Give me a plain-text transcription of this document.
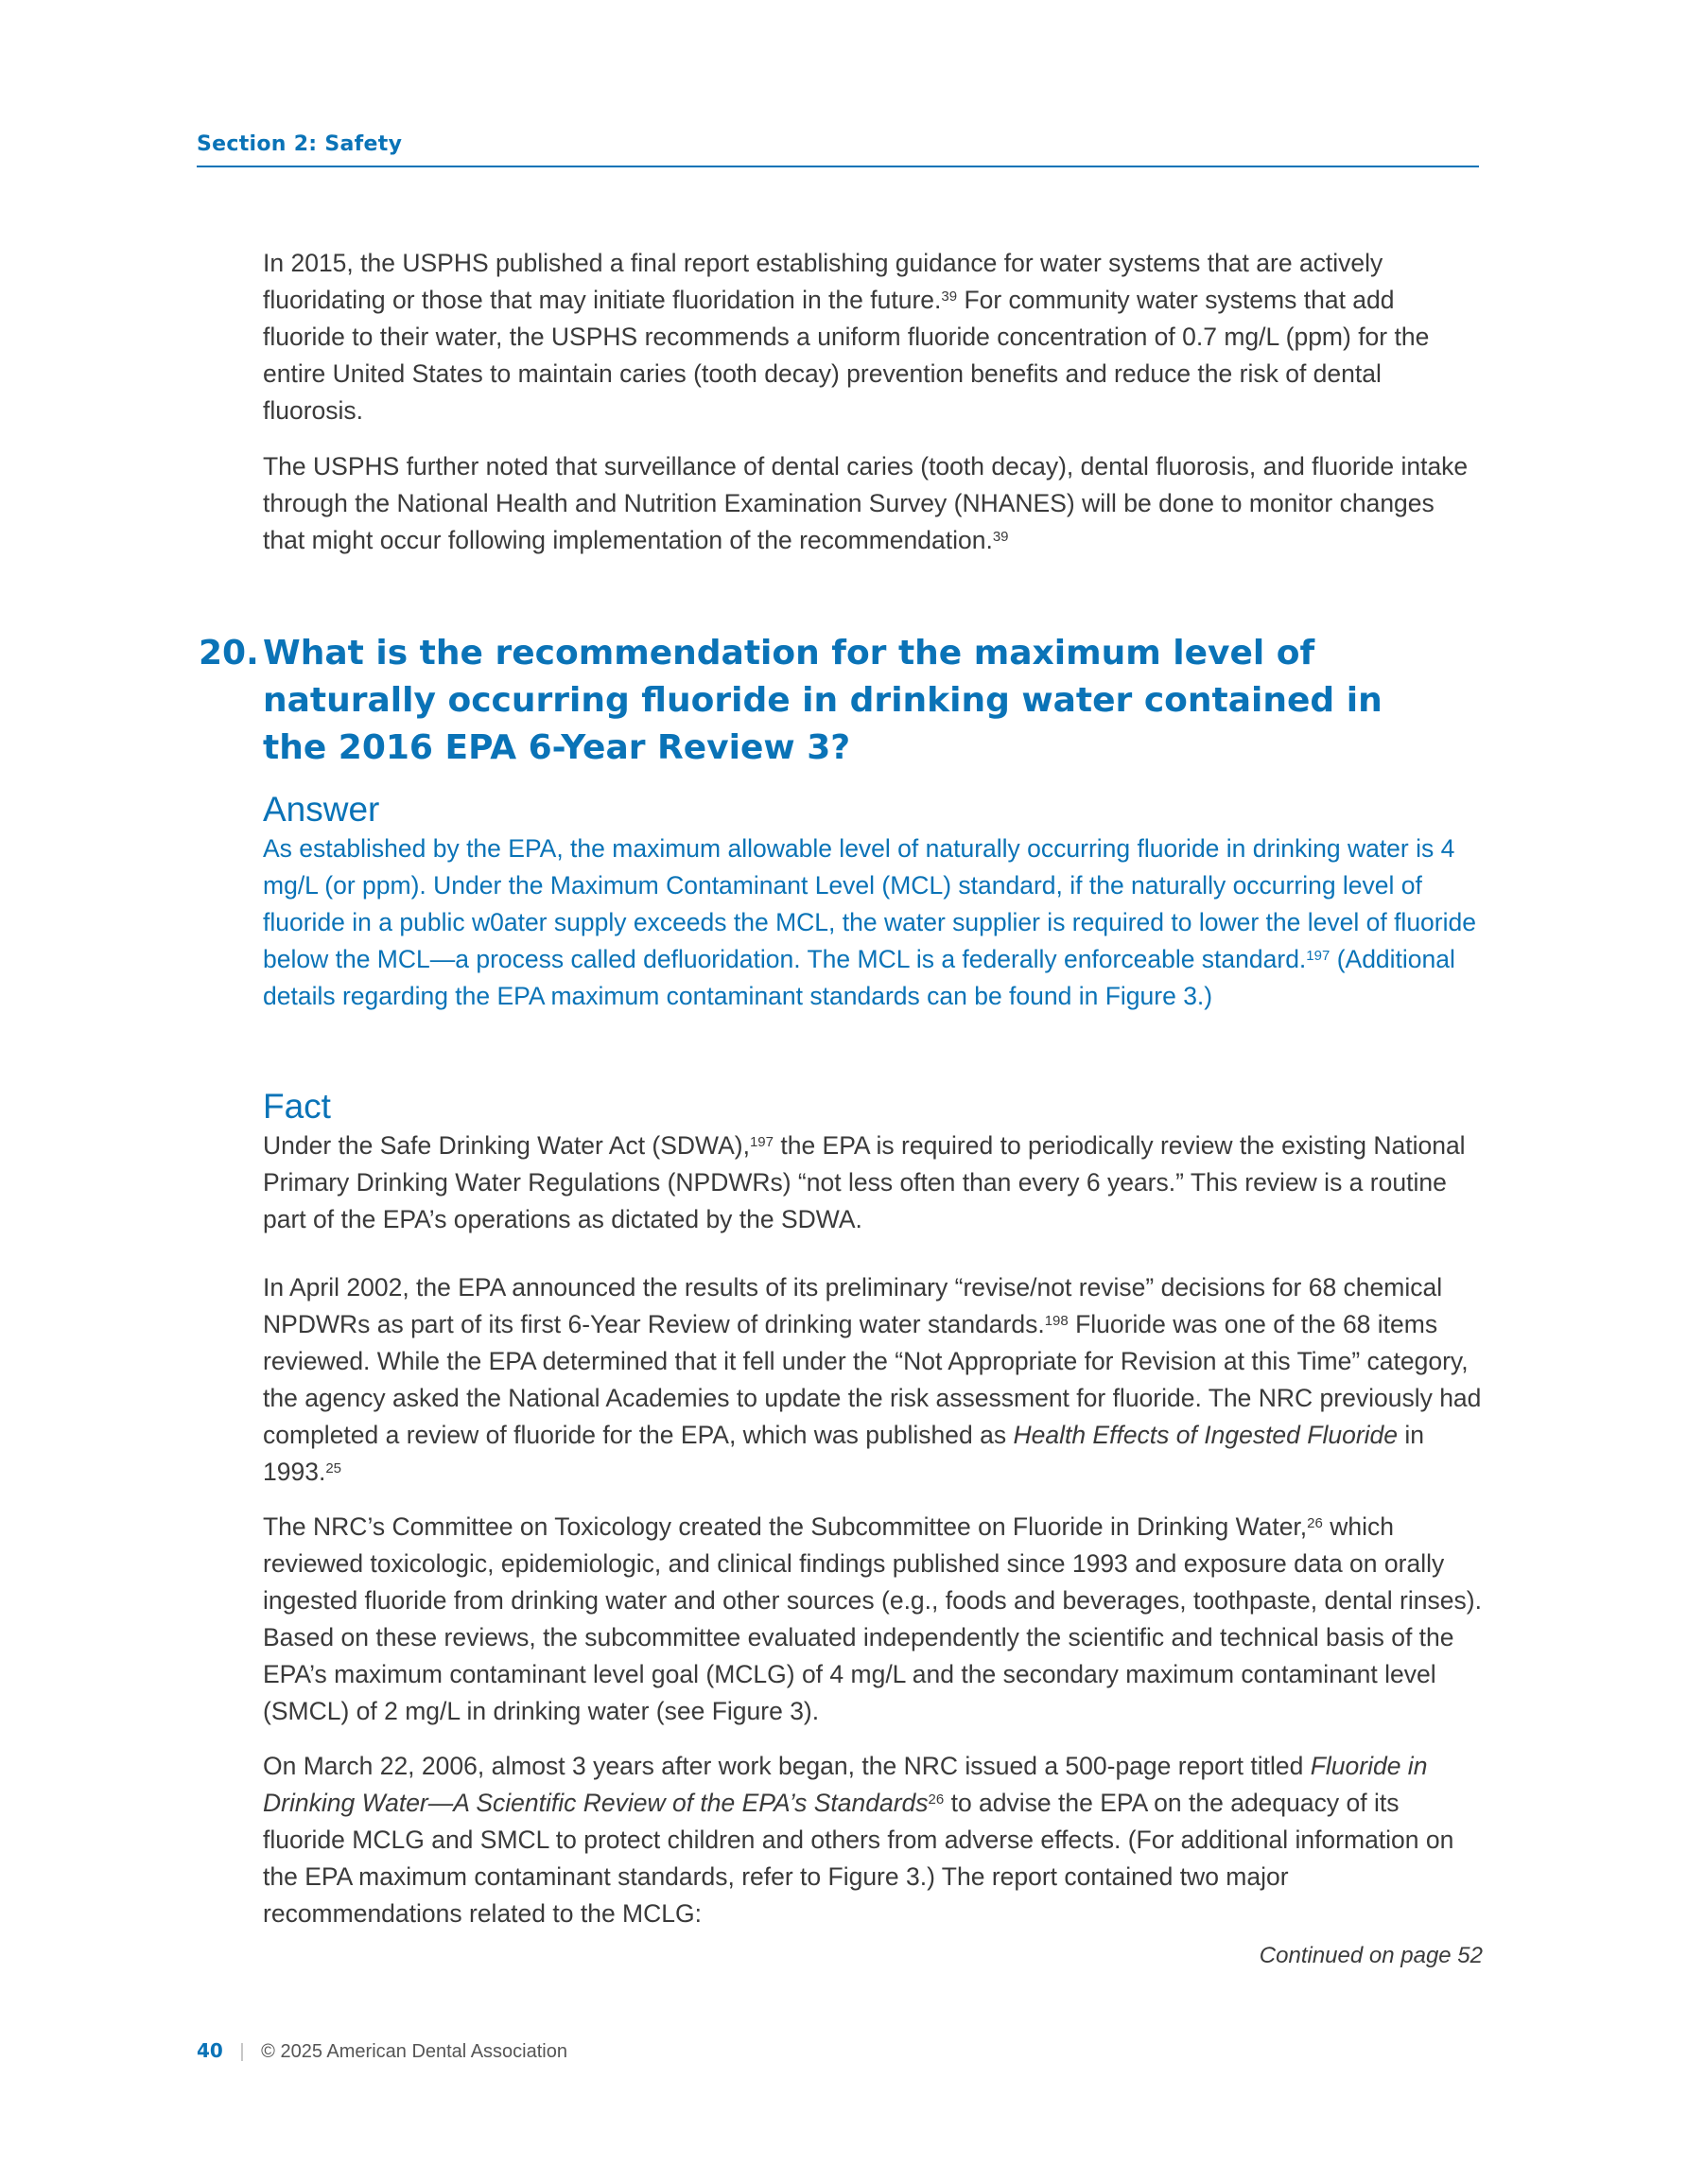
Section 2: Safety

In 2015, the USPHS published a final report establishing guidance for water systems that are actively fluoridating or those that may initiate fluoridation in the future.$^{39}$ For community water systems that add fluoride to their water, the USPHS recommends a uniform fluoride concentration of 0.7 mg/L (ppm) for the entire United States to maintain caries (tooth decay) prevention benefits and reduce the risk of dental fluorosis.

The USPHS further noted that surveillance of dental caries (tooth decay), dental fluorosis, and fluoride intake through the National Health and Nutrition Examination Survey (NHANES) will be done to monitor changes that might occur following implementation of the recommendation.$^{39}$

20. What is the recommendation for the maximum level of naturally occurring fluoride in drinking water contained in the 2016 EPA 6-Year Review 3?
Answer

As established by the EPA, the maximum allowable level of naturally occurring fluoride in drinking water is 4 mg/L (or ppm). Under the Maximum Contaminant Level (MCL) standard, if the naturally occurring level of fluoride in a public w0ater supply exceeds the MCL, the water supplier is required to lower the level of fluoride below the MCL—a process called defluoridation. The MCL is a federally enforceable standard.$^{197}$ (Additional details regarding the EPA maximum contaminant standards can be found in Figure 3.)

Fact

Under the Safe Drinking Water Act (SDWA),$^{197}$ the EPA is required to periodically review the existing National Primary Drinking Water Regulations (NPDWRs) “not less often than every 6 years.” This review is a routine part of the EPA’s operations as dictated by the SDWA.

In April 2002, the EPA announced the results of its preliminary “revise/not revise” decisions for 68 chemical NPDWRs as part of its first 6-Year Review of drinking water standards.$^{198}$ Fluoride was one of the 68 items reviewed. While the EPA determined that it fell under the “Not Appropriate for Revision at this Time” category, the agency asked the National Academies to update the risk assessment for fluoride. The NRC previously had completed a review of fluoride for the EPA, which was published as Health Effects of Ingested Fluoride in 1993.25

The NRC’s Committee on Toxicology created the Subcommittee on Fluoride in Drinking Water,$^{26}$ which reviewed toxicologic, epidemiologic, and clinical findings published since 1993 and exposure data on orally ingested fluoride from drinking water and other sources (e.g., foods and beverages, toothpaste, dental rinses). Based on these reviews, the subcommittee evaluated independently the scientific and technical basis of the EPA’s maximum contaminant level goal (MCLG) of 4 mg/L and the secondary maximum contaminant level (SMCL) of 2 mg/L in drinking water (see Figure 3).

On March 22, 2006, almost 3 years after work began, the NRC issued a 500-page report titled Fluoride in Drinking Water—A Scientific Review of the EPA’s Standards$^{26}$ to advise the EPA on the adequacy of its fluoride MCLG and SMCL to protect children and others from adverse effects. (For additional information on the EPA maximum contaminant standards, refer to Figure 3.) The report contained two major recommendations related to the MCLG:

Continued on page 52
40 | © 2025 American Dental Association
